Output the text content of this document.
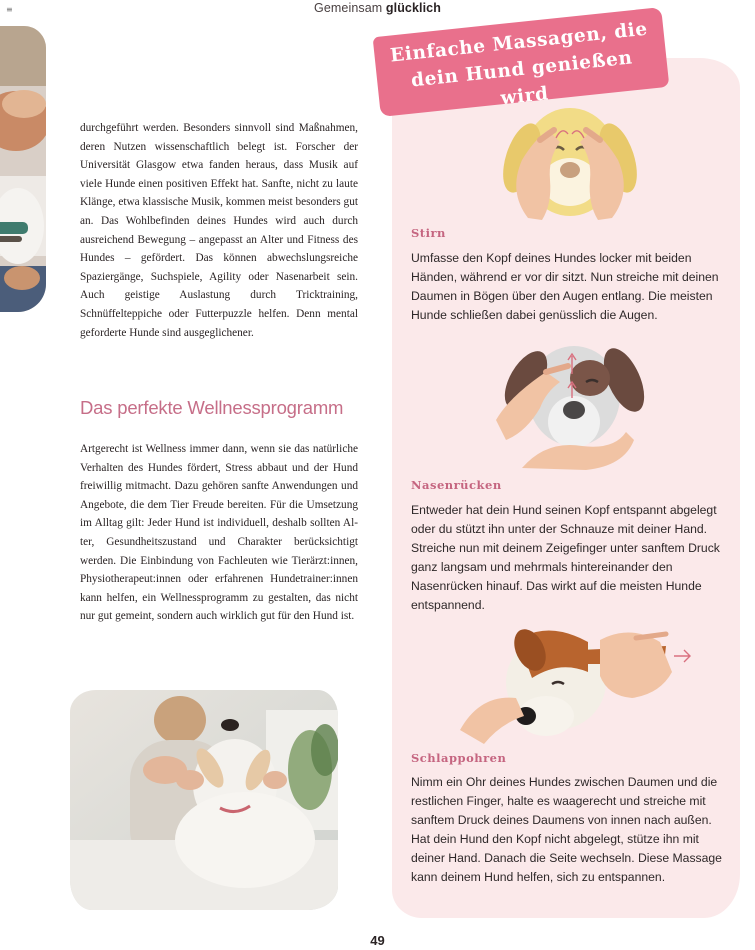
≡	Gemeinsam glücklich

durchgeführt werden. Besonders sinnvoll sind Maßnahmen, deren Nutzen wissenschaftlich belegt ist. Forscher der Universität Glasgow etwa fanden heraus, dass Musik auf viele Hunde einen positiven Effekt hat. Sanfte, nicht zu laute Klänge, etwa klassische Musik, kommen meist besonders gut an. Das Wohlbefinden deines Hundes wird auch durch ausreichend Bewegung – angepasst an Alter und Fitness des Hundes – gefördert. Das können abwechslungsreiche Spaziergänge, Suchspiele, Agility oder Nasenarbeit sein. Auch geistige Auslastung durch Tricktraining, Schnüffelteppiche oder Futterpuzzle helfen. Denn mental geforderte Hunde sind ausgeglichener.

Das perfekte Wellnessprogramm

Artgerecht ist Wellness immer dann, wenn sie das natürliche Verhalten des Hundes fördert, Stress abbaut und der Hund freiwillig mitmacht. Dazu gehören sanfte Anwendungen und Angebote, die dem Tier Freude bereiten. Für die Umsetzung im Alltag gilt: Jeder Hund ist individuell, deshalb sollten Alter, Gesundheitszustand und Charakter berücksichtigt werden. Die Einbindung von Fachleuten wie Tierärzt:innen, Physiotherapeut:innen oder erfahrenen Hundetrainer:innen kann helfen, ein Wellnessprogramm zu gestalten, das nicht nur gut gemeint, sondern auch wirklich gut für den Hund ist.

Einfache Massagen, die dein Hund genießen wird
Stirn
Umfasse den Kopf deines Hundes locker mit beiden Händen, während er vor dir sitzt. Nun streiche mit deinen Daumen in Bögen über den Augen entlang. Die meisten Hunde schließen dabei genüsslich die Augen.
Nasenrücken
Entweder hat dein Hund seinen Kopf entspannt abgelegt oder du stützt ihn unter der Schnauze mit deiner Hand. Streiche nun mit deinem Zeigefinger unter sanftem Druck ganz langsam und mehrmals hintereinander den Nasenrücken hinauf. Das wirkt auf die meisten Hunde entspannend.
Schlappohren
Nimm ein Ohr deines Hundes zwischen Daumen und die restlichen Finger, halte es waagerecht und streiche mit sanftem Druck deines Daumens von innen nach außen. Hat dein Hund den Kopf nicht abgelegt, stütze ihn mit deiner Hand. Danach die Seite wechseln. Diese Massage kann deinem Hund helfen, sich zu entspannen.
49
